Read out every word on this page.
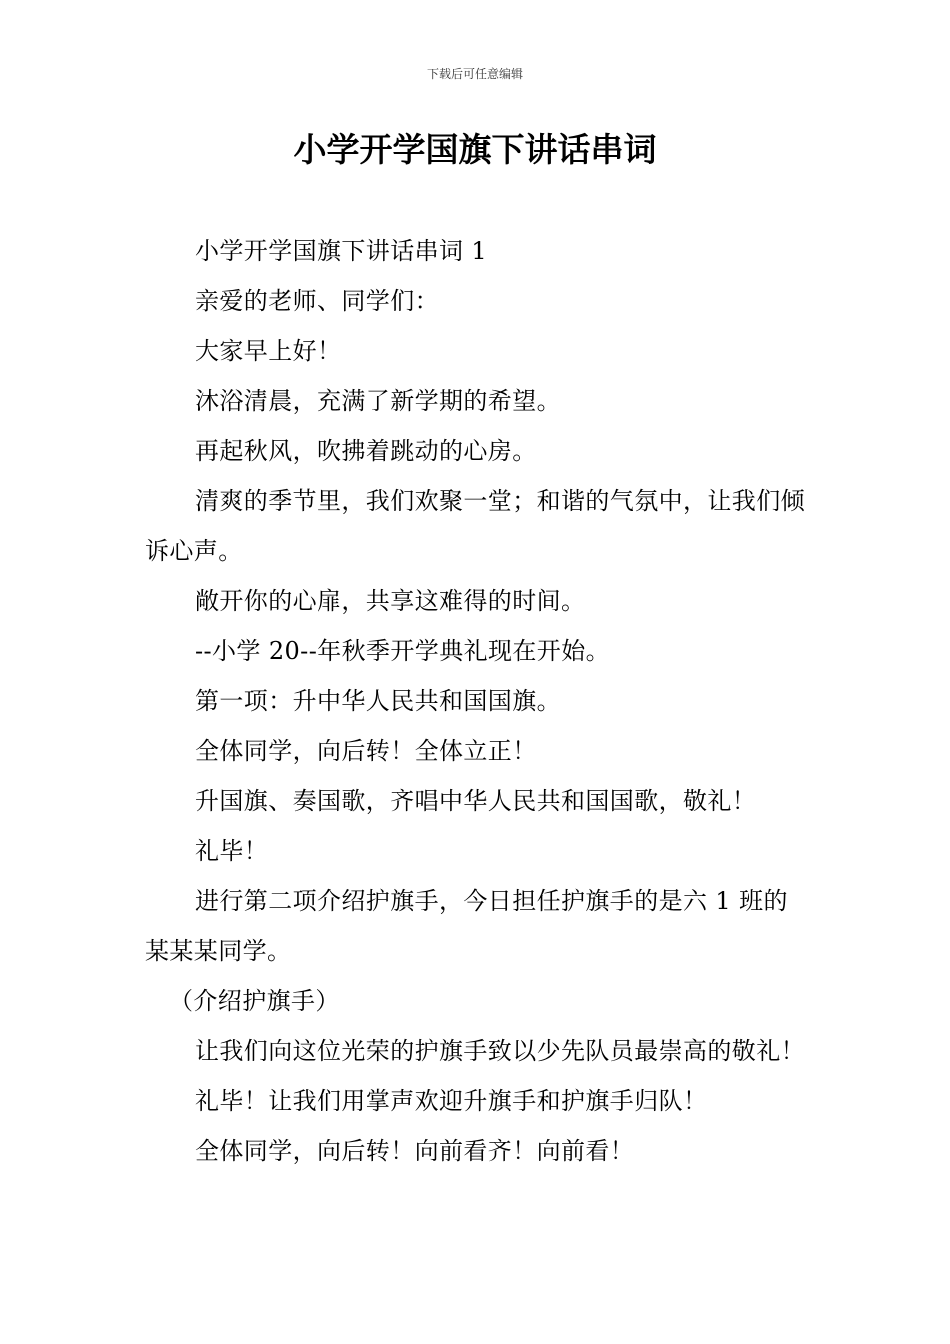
下载后可任意编辑
小学开学国旗下讲话串词

小学开学国旗下讲话串词 1

亲爱的老师、同学们：

大家早上好！

沐浴清晨，充满了新学期的希望。

再起秋风，吹拂着跳动的心房。

清爽的季节里，我们欢聚一堂；和谐的气氛中，让我们倾诉心声。

敞开你的心扉，共享这难得的时间。

--小学 20--年秋季开学典礼现在开始。

第一项：升中华人民共和国国旗。

全体同学，向后转！全体立正！

升国旗、奏国歌，齐唱中华人民共和国国歌，敬礼！

礼毕！

进行第二项介绍护旗手，今日担任护旗手的是六 1 班的某某某同学。

（介绍护旗手）

让我们向这位光荣的护旗手致以少先队员最崇高的敬礼！

礼毕！让我们用掌声欢迎升旗手和护旗手归队！

全体同学，向后转！向前看齐！向前看！
